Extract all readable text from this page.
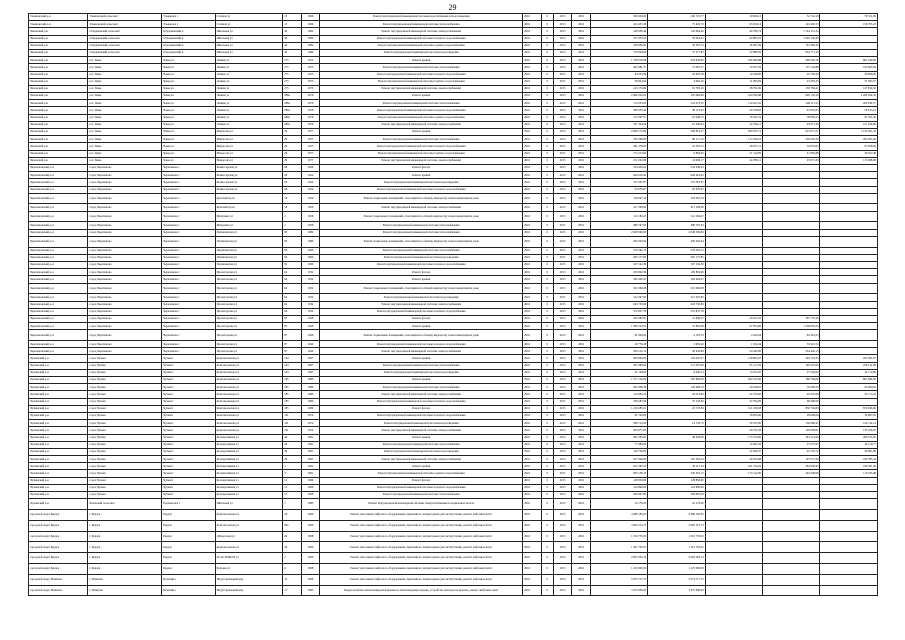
29
Ульяновский р-н	Ульяновский сельсовет	Ульяновск с	Степная ул	15	1966	Ремонт внутридомовой инженерной системы водоснабжения и водоотведения	2016	0	2015	2016	329 643,00	249 725,77	19 826,12	52 742,19	79 531,99
Ульяновский р-н	Ульяновский сельсовет	Ульяновск с	Степная ул	15	1966	Ремонт внутридомовой инженерной системы теплоснабжения	2016	0	2015	2016	414 455,39	75 622,70	63 910,13	124 362,53	156 705,23
Чановский р-н	Отрадненский сельсовет	Отрадненский п	Школьная ул	40	1982	Ремонт внутридомовой инженерной системы электроснабжения	2016	0	2015	2016	149 950,40	145 994,40	40 786,74	1 744 331,34	
Чановский р-н	Отрадненский сельсовет	Отрадненский п	Школьная ул	40	1982	Ремонт внутридомовой инженерной системы холодного водоснабжения	2016	0	2015	2016	475 972,23	56 962,61	64 983,79	1 002 136,40	
Чановский р-н	Отрадненский сельсовет	Отрадненский п	Школьная ул	40	1982	Ремонт внутридомовой инженерной системы горячего водоснабжения	2016	0	2015	2016	258 936,90	45 097,74	36 367,69	743 369,39	
Чановский р-н	Отрадненский сельсовет	Отрадненский п	Школьная ул	40	1982	Ремонт внутридомовой инженерной системы водоотведения	2016	0	2015	2016	733 690,00	57 277,82	52 898,29	652 771,19	
Чановский р-н	р.п. Чаны	Чаны рп	Ленина ул	275	1975	Ремонт крыши	2016	0	2015	2016	1 738 919,08	229 643,00	106 464,88	406 926,19	891 426,90
Чановский р-н	р.п. Чаны	Чаны рп	Ленина ул	275	1975	Ремонт внутридомовой инженерной системы теплоснабжения	2016	0	2015	2016	493 981,57	73 487,37	70 477,36	157 152,88	193 003,92
Чановский р-н	р.п. Чаны	Чаны рп	Ленина ул	275	1975	Ремонт внутридомовой инженерной системы холодного водоснабжения	2016	0	2015	2016	84 295,99	16 670,59	12 186,00	25 783,20	29 856,20
Чановский р-н	р.п. Чаны	Чаны рп	Ленина ул	275	1975	Ремонт внутридомовой инженерной системы горячего водоснабжения	2016	0	2015	2016	99 844,94	4 962,20	11 993,69	23 393,35	57 495,57
Чановский р-н	р.п. Чаны	Чаны рп	Ленина ул	275	1975	Ремонт внутридомовой инженерной системы электроснабжения	2016	0	2015	2016	413 179,69	81 765,16	38 761,00	139 784,21	147 819,32
Чановский р-н	р.п. Чаны	Чаны рп	Ленина ул	286а	1976	Ремонт крыши	2016	0	2015	2016	2 496 232,05	195 482,69	414 592,88	626 132,19	1 260 024,32
Чановский р-н	р.п. Чаны	Чаны рп	Ленина ул	286а	1976	Ремонт внутридомовой инженерной системы теплоснабжения	2016	0	2015	2016	712 025,05	122 073,35	114 027,62	246 311,51	264 834,57
Чановский р-н	р.п. Чаны	Чаны рп	Ленина ул	286а	1976	Ремонт внутридомовой инженерной системы холодного водоснабжения	2016	0	2015	2016	208 203,42	38 173,93	29 536,62	61 876,63	78 615,14
Чановский р-н	р.п. Чаны	Чаны рп	Ленина ул	286а	1976	Ремонт внутридомовой инженерной системы горячего водоснабжения	2016	0	2015	2016	157 097,57	18 448,72	18 321,24	38 836,25	81 591,36
Чановский р-н	р.п. Чаны	Чаны рп	Ленина ул	286а	1976	Ремонт внутридомовой инженерной системы электроснабжения	2016	0	2015	2016	351 394,04	61 639,94	44 796,11	93 071,39	151 636,60
Чановский р-н	р.п. Чаны	Чаны рп	Некрасова ул	20	1977	Ремонт крыши	2016	0	2015	2016	2 668 172,60	598 874,57	309 937,13	615 871,27	1 143 491,43
Чановский р-н	р.п. Чаны	Чаны рп	Некрасова ул	20	1977	Ремонт внутридомовой инженерной системы теплоснабжения	2016	0	2015	2016	760 398,00	89 171,16	117 936,10	258 302,32	295 003,20
Чановский р-н	р.п. Чаны	Чаны рп	Некрасова ул	20	1977	Ремонт внутридомовой инженерной системы холодного водоснабжения	2016	0	2015	2016	181 278,00	19 597,52	26 977,11	54 679,05	67 628,50
Чановский р-н	р.п. Чаны	Чаны рп	Некрасова ул	20	1977	Ремонт внутридомовой инженерной системы горячего водоснабжения	2016	0	2015	2016	175 213,00	9 866,00	21 510,09	41 995,88	49 052,48
Чановский р-н	р.п. Чаны	Чаны рп	Некрасова ул	20	1977	Ремонт внутридомовой инженерной системы электроснабжения	2016	0	2015	2016	211 032,00	41 069,17	44 786,11	93 071,39	115 968,96
Черепановский р-н	город Черепаново	Черепаново г	Комиссарская ул	28	1924	Ремонт фасада	2016	0	2015	2016	534 430,03	534 430,03			
Черепановский р-н	город Черепаново	Черепаново г	Комиссарская ул	28	1924	Ремонт крыши	2016	0	2015	2016	626 616,92	626 616,92			
Черепановский р-н	город Черепаново	Черепаново г	Комиссарская ул	28	1924	Ремонт внутридомовой инженерной системы водоотведения	2016	0	2015	2016	155 367,87	155 367,87			
Черепановский р-н	город Черепаново	Черепаново г	Комиссарская ул	28	1924	Ремонт внутридомовой инженерной системы холодного водоснабжения	2016	0	2015	2016	93 679,67	93 679,67			
Черепановский р-н	город Черепаново	Черепаново г	Красный пр-кт	18	1959	Ремонт подвальных помещений, относящихся к общему имуществу в многоквартирном доме	2016	0	2015	2016	118 297,34	118 297,34			
Черепановский р-н	город Черепаново	Черепаново г	Красный пр-кт	18	1959	Ремонт внутридомовой инженерной системы электроснабжения	2016	0	2015	2016	417 508,90	417 508,90			
Черепановский р-н	город Черепаново	Черепаново г	Мичурина ул	2	1956	Ремонт подвальных помещений, относящихся к общему имуществу в многоквартирном доме	2016	0	2015	2016	112 184,47	112 184,47			
Черепановский р-н	город Черепаново	Черепаново г	Мичурина ул	2	1956	Ремонт внутридомовой инженерной системы теплоснабжения	2016	0	2015	2016	280 767,63	280 767,63			
Черепановский р-н	город Черепаново	Черепаново г	Партизанская ул	90	1989	Ремонт внутридомовой инженерной системы теплоснабжения	2016	0	2015	2016	2 048 506,00	2 048 506,00			
Черепановский р-н	город Черепаново	Черепаново г	Партизанская ул	90	1989	Ремонт подвальных помещений, относящихся к общему имуществу в многоквартирном доме	2016	0	2015	2016	456 202,94	456 202,94			
Черепановский р-н	город Черепаново	Черепаново г	Партизанская ул	92	1990	Ремонт внутридомовой инженерной системы теплоснабжения	2016	0	2015	2016	576 362,15	576 362,15			
Черепановский р-н	город Черепаново	Черепаново г	Партизанская ул	92	1990	Ремонт внутридомовой инженерной системы водоотведения	2016	0	2015	2016	265 177,85	265 177,85			
Черепановский р-н	город Черепаново	Черепаново г	Партизанская ул	92	1990	Ремонт внутридомовой инженерной системы холодного водоснабжения	2016	0	2015	2016	167 192,30	167 192,30			
Черепановский р-н	город Черепаново	Черепаново г	Пролетарская ул	64	1932	Ремонт фасада	2016	0	2015	2016	109 802,96	109 802,96			
Черепановский р-н	город Черепаново	Черепаново г	Пролетарская ул	64	1932	Ремонт крыши	2016	0	2015	2016	182 426,47	182 426,47			
Черепановский р-н	город Черепаново	Черепаново г	Пролетарская ул	64	1932	Ремонт подвальных помещений, относящихся к общему имуществу в многоквартирном доме	2016	0	2015	2016	321 060,08	321 060,08			
Черепановский р-н	город Черепаново	Черепаново г	Пролетарская ул	64	1932	Ремонт внутридомовой инженерной системы водоотведения	2016	0	2015	2016	512 207,85	512 207,85			
Черепановский р-н	город Черепаново	Черепаново г	Пролетарская ул	64	1932	Ремонт внутридомовой инженерной системы электроснабжения	2016	0	2015	2016	643 750,00	643 750,00			
Черепановский р-н	город Черепаново	Черепаново г	Пролетарская ул	64	1932	Ремонт внутридомовой инженерной системы холодного водоснабжения	2016	0	2015	2016	372 837,78	372 837,78			
Черепановский р-н	город Черепаново	Черепаново г	Пролетарская ул	87	1949	Ремонт фасада	2016	0	2015	2016	410 582,81	21 846,55	20 251,02	367 725,26	
Черепановский р-н	город Черепаново	Черепаново г	Пролетарская ул	87	1949	Ремонт крыши	2016	0	2015	2016	1 399 522,91	72 802,69	67 874,99	1 258 845,23	
Черепановский р-н	город Черепаново	Черепаново г	Пролетарская ул	87	1949	Ремонт подвальных помещений, относящихся к общему имуществу в многоквартирном доме	2016	0	2015	2016	91 609,62	4 765,33	4 443,04	82 401,25	
Черепановский р-н	город Черепаново	Черепаново г	Пролетарская ул	87	1949	Ремонт внутридомовой инженерной системы холодного водоснабжения	2016	0	2015	2016	40 776,28	2 095,46	1 914,34	35 922,72	
Черепановский р-н	город Черепаново	Черепаново г	Пролетарская ул	87	1949	Ремонт внутридомовой инженерной системы электроснабжения	2016	0	2015	2016	506 132,13	26 943,89	24 432,00	454 426,13	
Чулымский р-н	город Чулым	Чулым г	Комсомольская ул	163	1967	Ремонт крыши	2016	0	2015	2016	828 090,00	164 047,37	118 802,67	249 723,35	295 281,67
Чулымский р-н	город Чулым	Чулым г	Комсомольская ул	163	1967	Ремонт внутридомовой инженерной системы теплоснабжения	2016	0	2015	2016	365 968,00	111 307,00	65 117,02	199 447,00	228 212,98
Чулымский р-н	город Чулым	Чулым г	Комсомольская ул	163	1967	Ремонт внутридомовой инженерной системы водоотведения	2016	0	2015	2016	91 198,00	8 490,13	13 193,20	27 594,62	32 712,69
Чулымский р-н	город Чулым	Чулым г	Комсомольская ул	185	1980	Ремонт крыши	2016	0	2015	2016	1 571 116,00	187 800,00	262 147,00	360 784,00	801 884,00
Чулымский р-н	город Чулым	Чулым г	Комсомольская ул	185	1980	Ремонт внутридомовой инженерной системы теплоснабжения	2016	0	2015	2016	292 608,39	149 468,19	29 918,81	50 299,33	63 990,02
Чулымский р-н	город Чулым	Чулым г	Комсомольская ул	185	1980	Ремонт внутридомовой инженерной системы электроснабжения	2016	0	2015	2016	124 965,22	26 073,82	22 720,00	40 476,08	35 715,41
Чулымский р-н	город Чулым	Чулым г	Комсомольская ул	185	1980	Ремонт внутридомовой инженерной системы холодного водоснабжения	2016	0	2015	2016	198 287,00	37 156,00	32 794,00	68 290,00	
Чулымский р-н	город Чулым	Чулым г	Комсомольская ул	185	1980	Ремонт фасада	2016	0	2015	2016	1 219 285,01	22 727,84	151 018,58	836 702,00	874 826,00
Чулымский р-н	город Чулым	Чулым г	Комсомольская ул	191	1974	Ремонт внутридомовой инженерной системы холодного водоснабжения	2016	0	2015	2016	81 700,00		18 835,00	28 090,09	30 687,65
Чулымский р-н	город Чулым	Чулым г	Комсомольская ул	191	1974	Ремонт внутридомовой инженерной системы водоотведения	2016	0	2015	2016	368 712,00	14 732,75	56 797,00	130 086,21	124 724,14
Чулымский р-н	город Чулым	Чулым г	Комсомольская ул	191	1974	Ремонт внутридомовой инженерной системы электроснабжения	2016	0	2015	2016	294 077,00		29 721,04	129 099,01	135 256,95
Чулымский р-н	город Чулым	Чулым г	Кооперативная ул	46	1961	Ремонт крыши	2016	0	2015	2016	992 330,00	48 926,00	175 574,00	361 513,60	406 315,00
Чулымский р-н	город Чулым	Чулым г	Кооперативная ул	46	1961	Ремонт внутридомовой инженерной системы теплоснабжения	2016	0	2015	2016	77 089,00		14 902,56	27 975,67	34 210,77
Чулымский р-н	город Чулым	Чулым г	Кооперативная ул	46	1961	Ремонт внутридомовой инженерной системы водоотведения	2016	0	2015	2016	114 758,00		31 690,37	42 176,74	40 891,89
Чулымский р-н	город Чулым	Чулым г	Кооперативная ул	46	1961	Ремонт внутридомовой инженерной системы электроснабжения	2016	0	2015	2016	617 920,00	107 565,42	49 702,98	197 071,20	229 783,44
Чулымский р-н	город Чулым	Чулым г	Кооперативная ул	3	1961	Ремонт крыши	2016	0	2015	2016	812 367,03	36 117,34	241 732,26	284 936,43	249 581,00
Чулымский р-н	город Чулым	Чулым г	Кооперативная ул	3	1961	Ремонт внутридомовой инженерной системы горячего водоснабжения	2016	0	2015	2016	859 138,13	329 281,15	172 142,00	244 528,00	113 185,98
Чулымский р-н	город Чулым	Чулым г	Кооперативная ул	11	1960	Ремонт фасада	2016	0	2015	2016	128 850,00	128 850,00			
Чулымский р-н	город Чулым	Чулым г	Кооперативная ул	11	1960	Ремонт внутридомовой инженерной системы холодного водоснабжения	2016	0	2015	2016	124 890,00	124 890,00			
Чулымский р-н	город Чулым	Чулым г	Кооперативная ул	11	1960	Ремонт внутридомовой инженерной системы теплоснабжения	2016	0	2015	2016	299 697,00	299 697,00			
Чулымский р-н	Базовский сельсовет	Большеонск с	Школьная ул	1	1983	Ремонт внутридомовой инженерной системы электроснабжения в подвальных местах	2016	0	2015	2016	16 176,00	16 176,00			
городской округ Бердск	г. Бердск	Бердск	Комсомольская ул	26	1999	Ремонт или замена лифтового оборудования, признанного непригодным для эксплуатации, ремонт лифтовых шахт	2016	0	2015	2016	4 489 185,63	4 489 185,63			
городской округ Бердск	г. Бердск	Бердск	Комсомольская ул	86а	1999	Ремонт или замена лифтового оборудования, признанного непригодным для эксплуатации, ремонт лифтовых шахт	2016	0	2015	2016	3 602 513,73	3 602 513,73			
городской округ Бердск	г. Бердск	Бердск	Д.Береговая ул	26	1998	Ремонт или замена лифтового оборудования, признанного непригодным для эксплуатации, ремонт лифтовых шахт	2016	0	2015	2016	1 316 735,95	1 316 735,95			
городской округ Бердск	г. Бердск	Бердск	Комсомольская ул	26	1999	Ремонт или замена лифтового оборудования, признанного непригодным для эксплуатации, ремонт лифтовых шахт	2016	0	2015	2016	1 301 795,61	1 301 795,61			
городской округ Бердск	г. Бердск	Бердск	40 лет ВЛКСМ ул	2	1999	Ремонт или замена лифтового оборудования, признанного непригодным для эксплуатации, ремонт лифтовых шахт	2016	0	2015	2016	2 603 293,14	2 603 293,14			
городской округ Бердск	г. Бердск	Бердск	Боровая ул	9	1998	Ремонт или замена лифтового оборудования, признанного непригодным для эксплуатации, ремонт лифтовых шахт	2016	0	2015	2016	1 125 099,00	1 125 099,00			
городской округ Искитим	г. Искитим	Искитим г	Индустриальный мкр	33	1998	Ремонт или замена лифтового оборудования, признанного непригодным для эксплуатации, ремонт лифтовых шахт	2016	0	2015	2016	5 973 717,75	5 973 717,75			
городской округ Искитим	г. Искитим	Искитим г	Индустриальный мкр	17	1985	Переустройство невентилируемой крыши на вентилируемую крышу, устройство выходов на кровлю, ремонт лифтовых шахт	2016	0	2015	2016	3 475 836,93	3 475 836,93			
